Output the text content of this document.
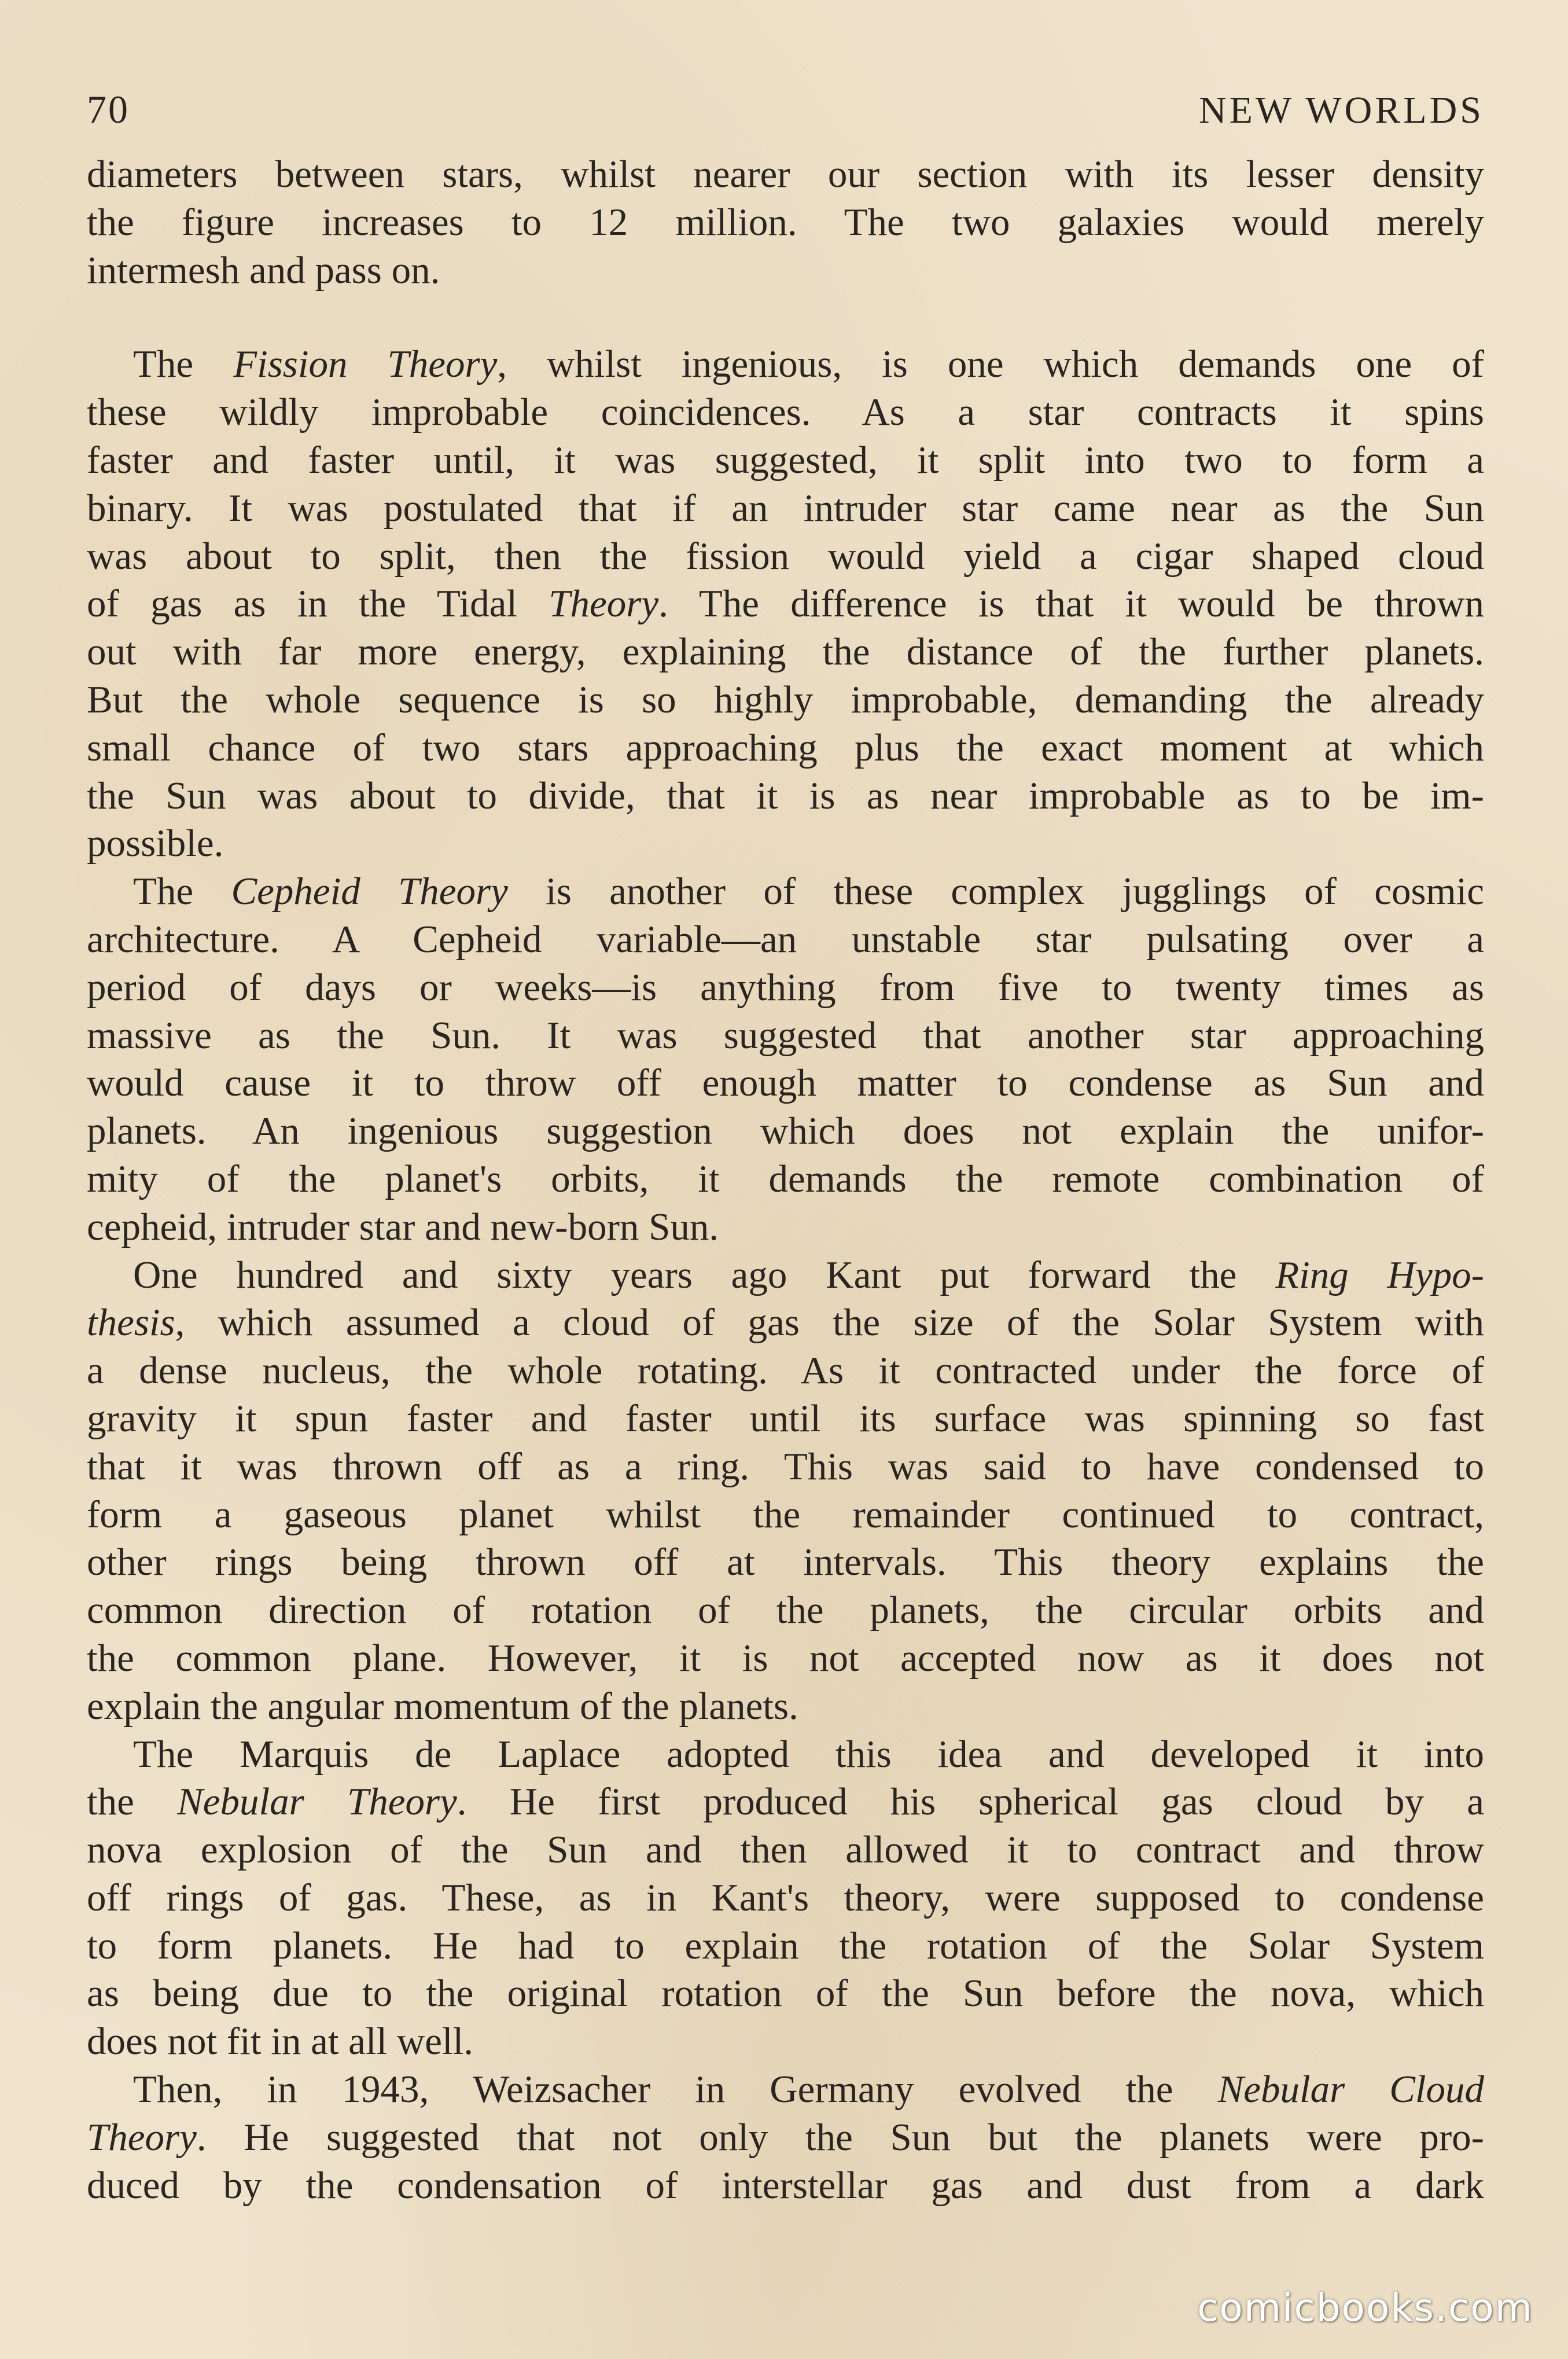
70	NEW WORLDS
diameters between stars, whilst nearer our section with its lesser density
the figure increases to 12 million. The two galaxies would merely
intermesh and pass on.
The Fission Theory, whilst ingenious, is one which demands one of
these wildly improbable coincidences. As a star contracts it spins
faster and faster until, it was suggested, it split into two to form a
binary. It was postulated that if an intruder star came near as the Sun
was about to split, then the fission would yield a cigar shaped cloud
of gas as in the Tidal Theory. The difference is that it would be thrown
out with far more energy, explaining the distance of the further planets.
But the whole sequence is so highly improbable, demanding the already
small chance of two stars approaching plus the exact moment at which
the Sun was about to divide, that it is as near improbable as to be im-
possible.
The Cepheid Theory is another of these complex jugglings of cosmic
architecture. A Cepheid variable—an unstable star pulsating over a
period of days or weeks—is anything from five to twenty times as
massive as the Sun. It was suggested that another star approaching
would cause it to throw off enough matter to condense as Sun and
planets. An ingenious suggestion which does not explain the unifor-
mity of the planet's orbits, it demands the remote combination of
cepheid, intruder star and new-born Sun.
One hundred and sixty years ago Kant put forward the Ring Hypo-
thesis, which assumed a cloud of gas the size of the Solar System with
a dense nucleus, the whole rotating. As it contracted under the force of
gravity it spun faster and faster until its surface was spinning so fast
that it was thrown off as a ring. This was said to have condensed to
form a gaseous planet whilst the remainder continued to contract,
other rings being thrown off at intervals. This theory explains the
common direction of rotation of the planets, the circular orbits and
the common plane. However, it is not accepted now as it does not
explain the angular momentum of the planets.
The Marquis de Laplace adopted this idea and developed it into
the Nebular Theory. He first produced his spherical gas cloud by a
nova explosion of the Sun and then allowed it to contract and throw
off rings of gas. These, as in Kant's theory, were supposed to condense
to form planets. He had to explain the rotation of the Solar System
as being due to the original rotation of the Sun before the nova, which
does not fit in at all well.
Then, in 1943, Weizsacher in Germany evolved the Nebular Cloud
Theory. He suggested that not only the Sun but the planets were pro-
duced by the condensation of interstellar gas and dust from a dark
comicbooks.com
